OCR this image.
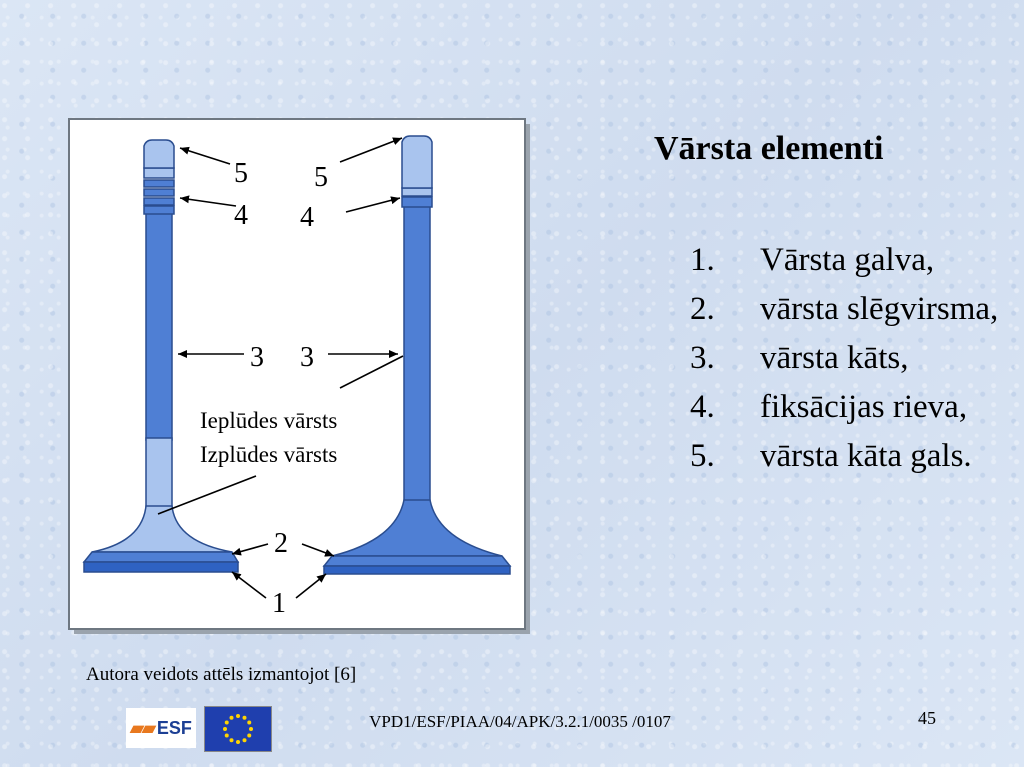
5
4
5
4
3 3
2
1
Ieplūdes vārsts
Izplūdes vārsts
Vārsta elementi
1.	Vārsta galva,
2.	vārsta slēgvirsma,
3.	vārsta kāts,
4.	fiksācijas rieva,
5.	vārsta kāta gals.
Autora veidots attēls izmantojot [6]
▰▰ ESF	VPD1/ESF/PIAA/04/APK/3.2.1/0035 /0107	45
